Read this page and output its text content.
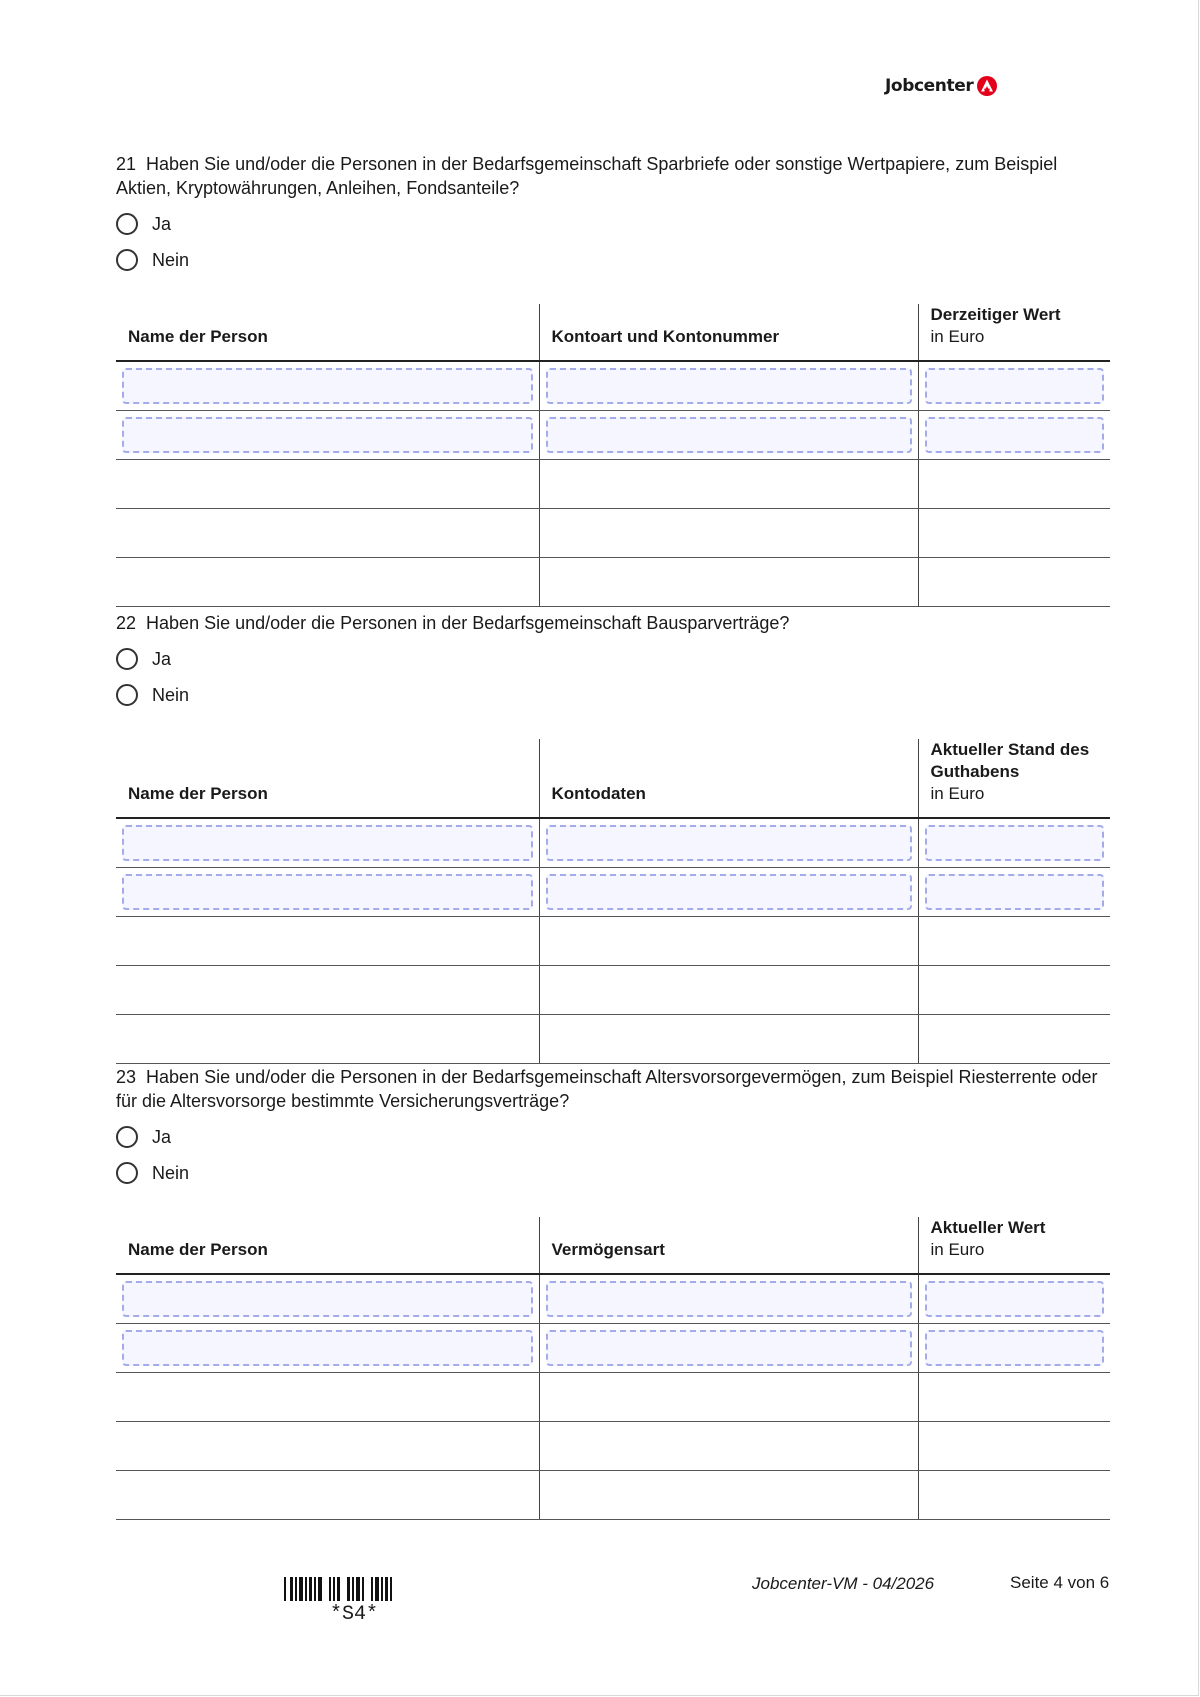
Jobcenter

21 Haben Sie und/oder die Personen in der Bedarfsgemeinschaft Sparbriefe oder sonstige Wertpapiere, zum Beispiel Aktien, Kryptowährungen, Anleihen, Fondsanteile?

Ja
Nein
Name der Person	Kontoart und Kontonummer	Derzeitiger Wert
in Euro

22 Haben Sie und/oder die Personen in der Bedarfsgemeinschaft Bausparverträge?

Ja
Nein
Name der Person	Kontodaten	Aktueller Stand des Guthabens
in Euro

23 Haben Sie und/oder die Personen in der Bedarfsgemeinschaft Altersvorsorgevermögen, zum Beispiel Riesterrente oder für die Altersvorsorge bestimmte Versicherungsverträge?

Ja
Nein
Name der Person	Vermögensart	Aktueller Wert
in Euro

*S4*
Jobcenter-VM - 04/2026	Seite 4 von 6
